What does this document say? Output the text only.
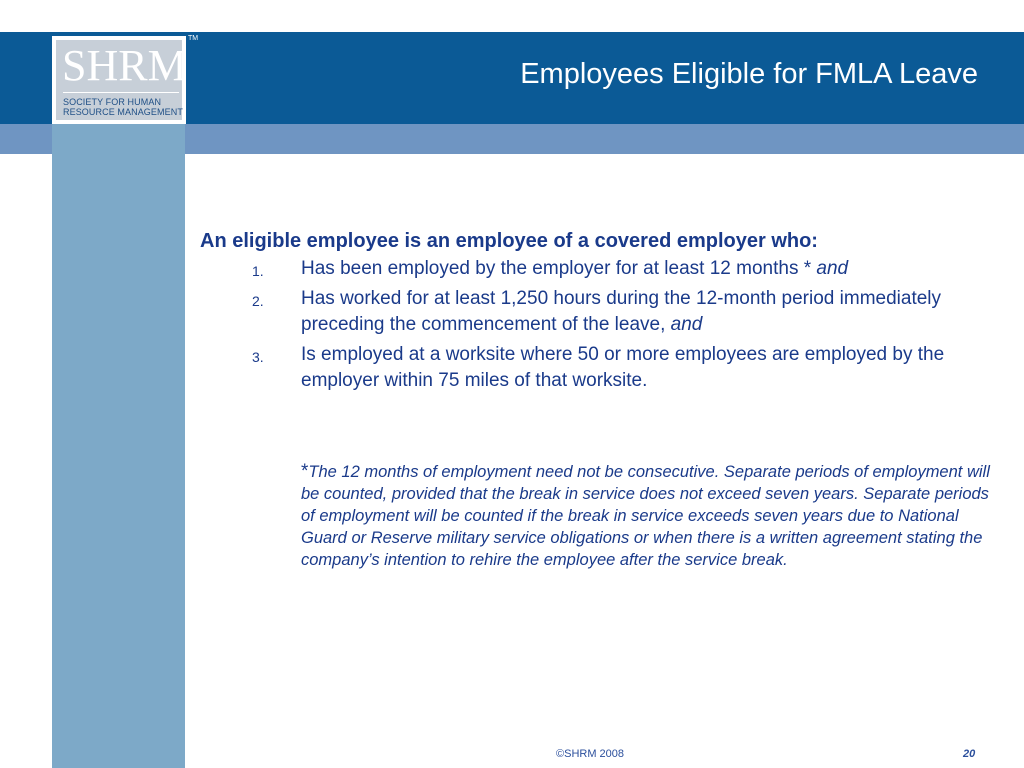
SHRM
SOCIETY FOR HUMAN
RESOURCE MANAGEMENT
TM
Employees Eligible for FMLA Leave
An eligible employee is an employee of a covered employer who:
1. Has been employed by the employer for at least 12 months * and
2. Has worked for at least 1,250 hours during the 12-month period immediately preceding the commencement of the leave, and
3. Is employed at a worksite where 50 or more employees are employed by the employer within 75 miles of that worksite.
*The 12 months of employment need not be consecutive. Separate periods of employment will be counted, provided that the break in service does not exceed seven years. Separate periods of employment will be counted if the break in service exceeds seven years due to National Guard or Reserve military service obligations or when there is a written agreement stating the company’s intention to rehire the employee after the service break.
©SHRM 2008	20
